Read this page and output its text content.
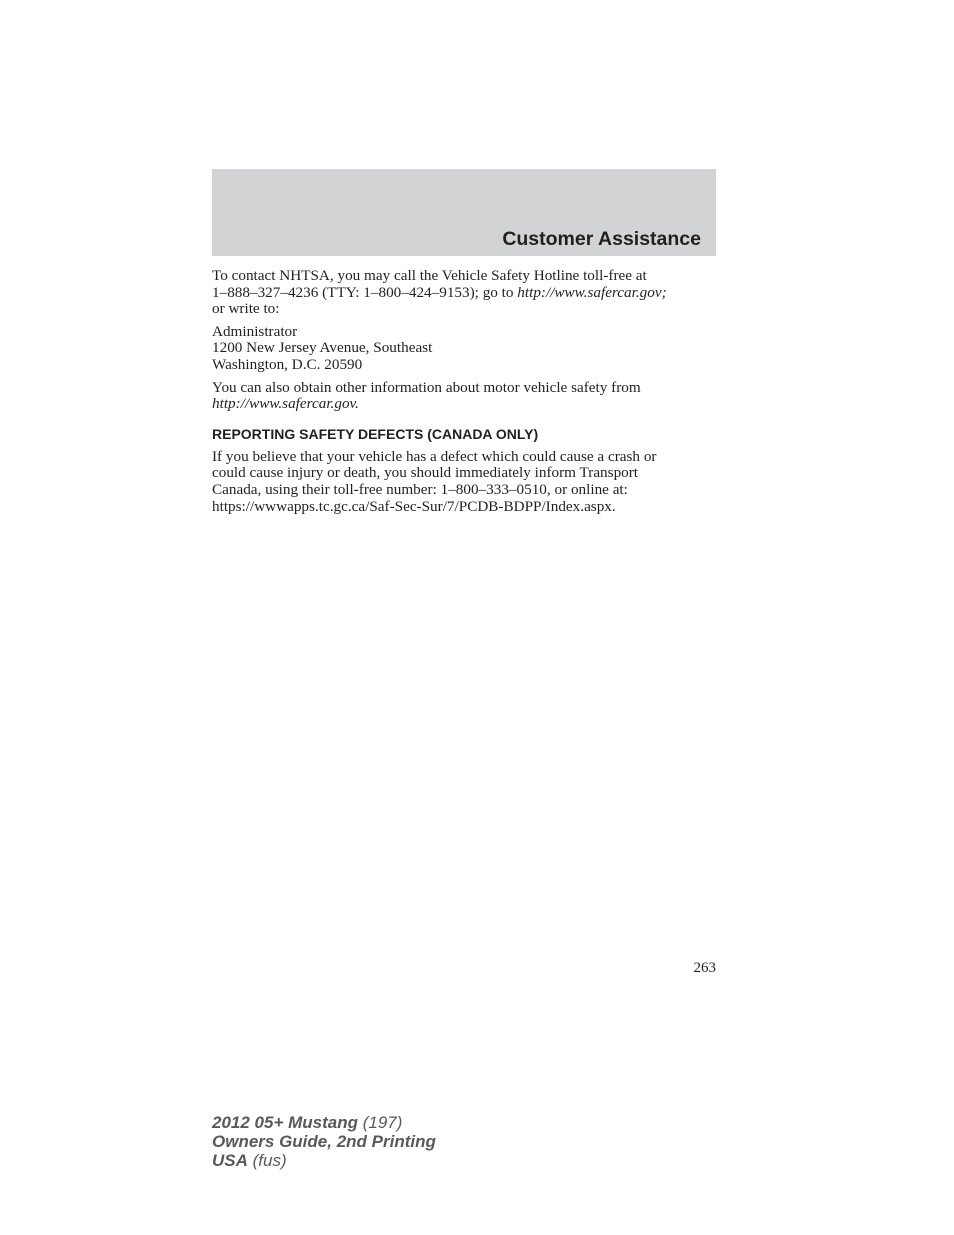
Customer Assistance

To contact NHTSA, you may call the Vehicle Safety Hotline toll-free at
1–888–327–4236 (TTY: 1–800–424–9153); go to http://www.safercar.gov;
or write to:

Administrator
1200 New Jersey Avenue, Southeast
Washington, D.C. 20590

You can also obtain other information about motor vehicle safety from
http://www.safercar.gov.

REPORTING SAFETY DEFECTS (CANADA ONLY)

If you believe that your vehicle has a defect which could cause a crash or
could cause injury or death, you should immediately inform Transport
Canada, using their toll-free number: 1–800–333–0510, or online at:
https://wwwapps.tc.gc.ca/Saf-Sec-Sur/7/PCDB-BDPP/Index.aspx.

263
2012 05+ Mustang (197)
Owners Guide, 2nd Printing
USA (fus)
